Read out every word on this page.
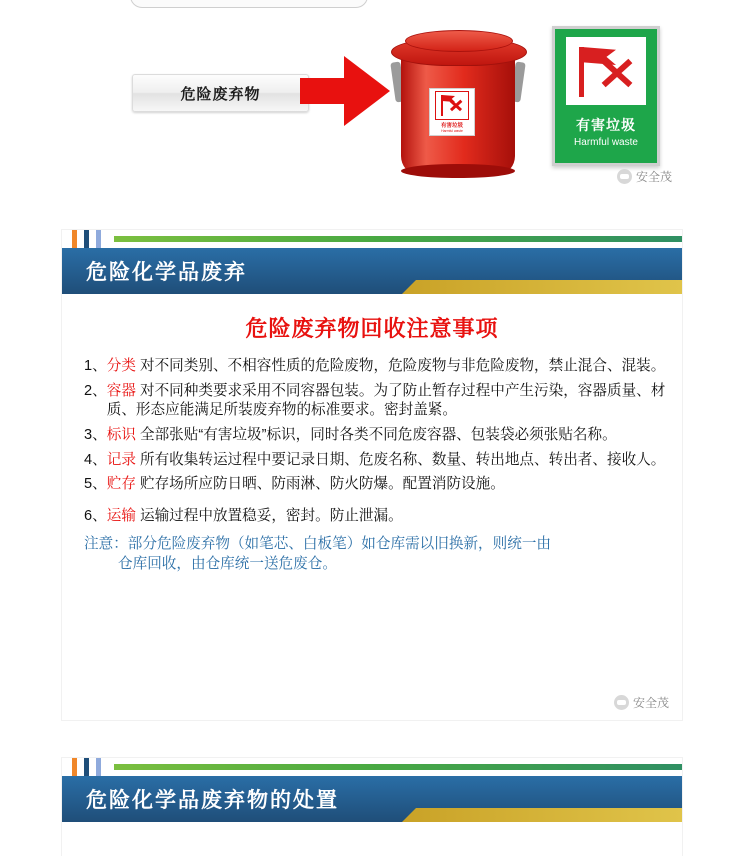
危险废弃物
有害垃圾
Harmful waste	有害垃圾
Harmful waste
安全茂
危险化学品废弃
危险废弃物回收注意事项
1、 分类 对不同类别、不相容性质的危险废物，危险废物与非危险废物，禁止混合、混装。
2、 容器 对不同种类要求采用不同容器包装。为了防止暂存过程中产生污染，容器质量、材质、形态应能满足所装废弃物的标准要求。密封盖紧。
3、 标识 全部张贴“有害垃圾”标识，同时各类不同危废容器、包装袋必须张贴名称。
4、 记录 所有收集转运过程中要记录日期、危废名称、数量、转出地点、转出者、接收人。
5、 贮存 贮存场所应防日晒、防雨淋、防火防爆。配置消防设施。
6、 运输 运输过程中放置稳妥，密封。防止泄漏。
注意：部分危险废弃物（如笔芯、白板笔）如仓库需以旧换新，则统一由
仓库回收，由仓库统一送危废仓。
安全茂
危险化学品废弃物的处置
